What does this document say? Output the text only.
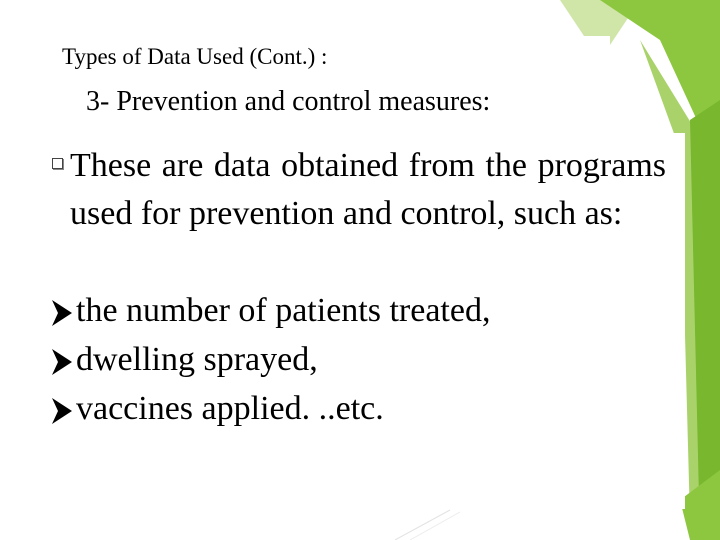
Types of Data Used (Cont.) :
3- Prevention and control measures:
These are data obtained from the programs used for prevention and control, such as:
the number of patients treated,
dwelling sprayed,
vaccines applied. ..etc.
